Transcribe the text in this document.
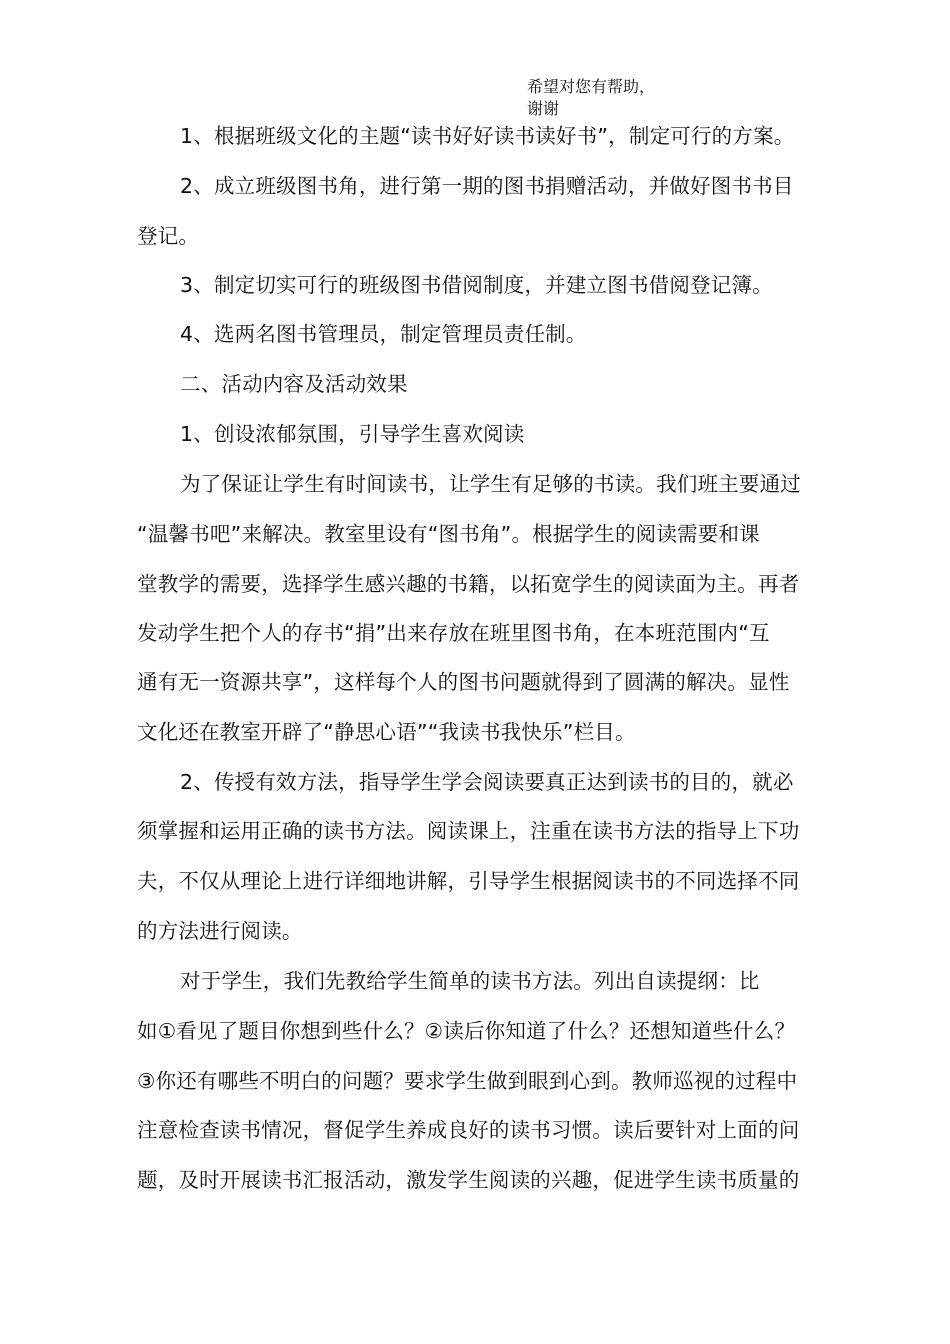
希望对您有帮助，
谢谢
1、根据班级文化的主题“读书好好读书读好书”，制定可行的方案。
2、成立班级图书角，进行第一期的图书捐赠活动，并做好图书书目
登记。
3、制定切实可行的班级图书借阅制度，并建立图书借阅登记簿。
4、选两名图书管理员，制定管理员责任制。
二、活动内容及活动效果
1、创设浓郁氛围，引导学生喜欢阅读
为了保证让学生有时间读书，让学生有足够的书读。我们班主要通过
“温馨书吧”来解决。教室里设有“图书角”。根据学生的阅读需要和课
堂教学的需要，选择学生感兴趣的书籍，以拓宽学生的阅读面为主。再者
发动学生把个人的存书“捐”出来存放在班里图书角，在本班范围内“互
通有无一资源共享”，这样每个人的图书问题就得到了圆满的解决。显性
文化还在教室开辟了“静思心语”“我读书我快乐”栏目。
2、传授有效方法，指导学生学会阅读要真正达到读书的目的，就必
须掌握和运用正确的读书方法。阅读课上，注重在读书方法的指导上下功
夫，不仅从理论上进行详细地讲解，引导学生根据阅读书的不同选择不同
的方法进行阅读。
对于学生，我们先教给学生简单的读书方法。列出自读提纲：比
如①看见了题目你想到些什么？②读后你知道了什么？还想知道些什么？
③你还有哪些不明白的问题？要求学生做到眼到心到。教师巡视的过程中
注意检查读书情况，督促学生养成良好的读书习惯。读后要针对上面的问
题，及时开展读书汇报活动，激发学生阅读的兴趣，促进学生读书质量的
